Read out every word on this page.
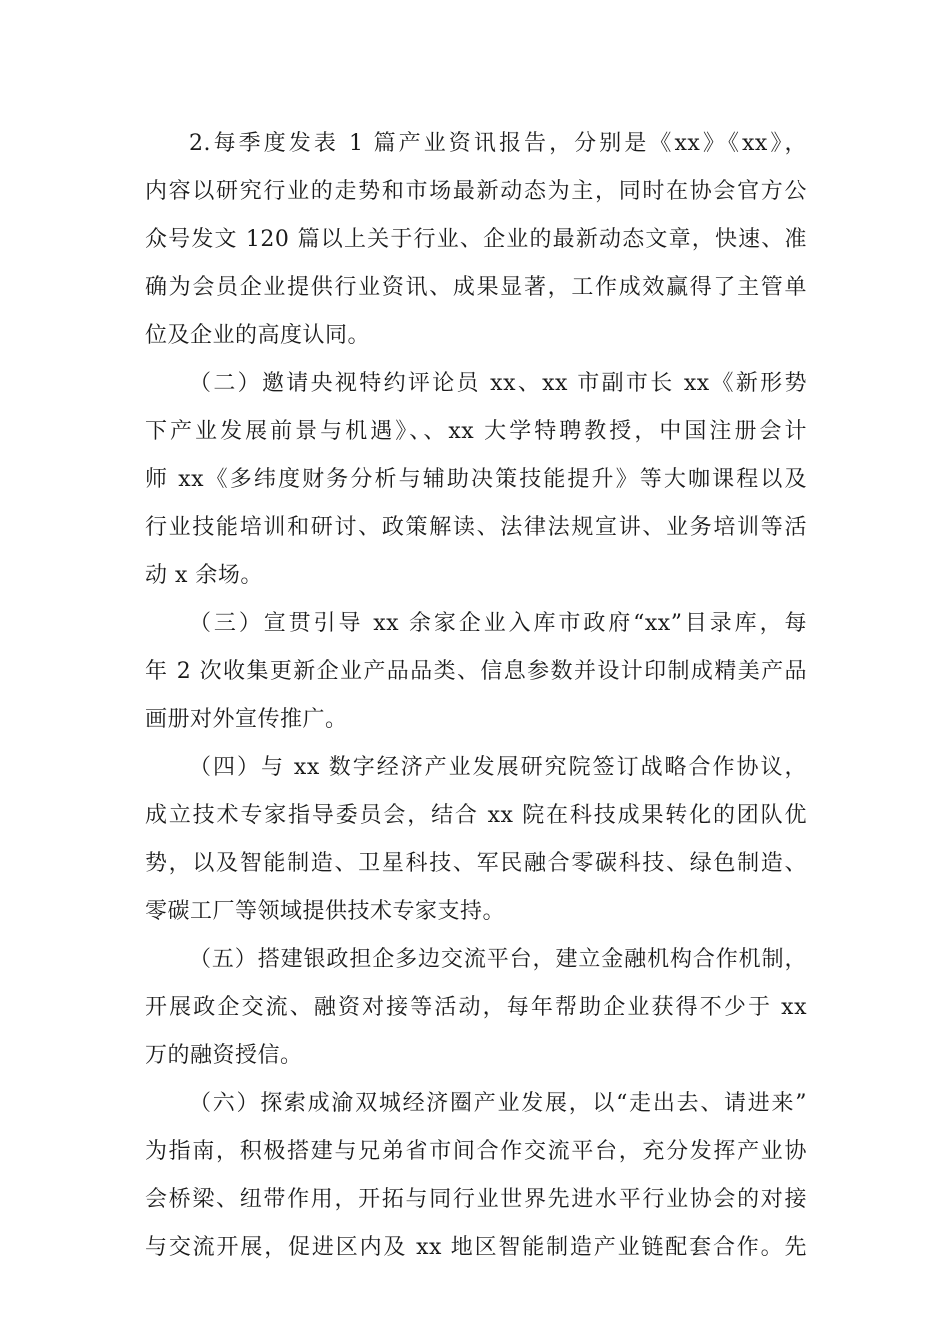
2.每季度发表 1 篇产业资讯报告，分别是《xx》《xx》，
内容以研究行业的走势和市场最新动态为主，同时在协会官方公
众号发文 120 篇以上关于行业、企业的最新动态文章，快速、准
确为会员企业提供行业资讯、成果显著，工作成效赢得了主管单
位及企业的高度认同。
（二）邀请央视特约评论员 xx、xx 市副市长 xx《新形势
下产业发展前景与机遇》、、xx 大学特聘教授，中国注册会计
师 xx《多纬度财务分析与辅助决策技能提升》等大咖课程以及
行业技能培训和研讨、政策解读、法律法规宣讲、业务培训等活
动 x 余场。
（三）宣贯引导 xx 余家企业入库市政府“xx”目录库，每
年 2 次收集更新企业产品品类、信息参数并设计印制成精美产品
画册对外宣传推广。
（四）与 xx 数字经济产业发展研究院签订战略合作协议，
成立技术专家指导委员会，结合 xx 院在科技成果转化的团队优
势，以及智能制造、卫星科技、军民融合零碳科技、绿色制造、
零碳工厂等领域提供技术专家支持。
（五）搭建银政担企多边交流平台，建立金融机构合作机制，
开展政企交流、融资对接等活动，每年帮助企业获得不少于 xx
万的融资授信。
（六）探索成渝双城经济圈产业发展，以“走出去、请进来”
为指南，积极搭建与兄弟省市间合作交流平台，充分发挥产业协
会桥梁、纽带作用，开拓与同行业世界先进水平行业协会的对接
与交流开展，促进区内及 xx 地区智能制造产业链配套合作。先
